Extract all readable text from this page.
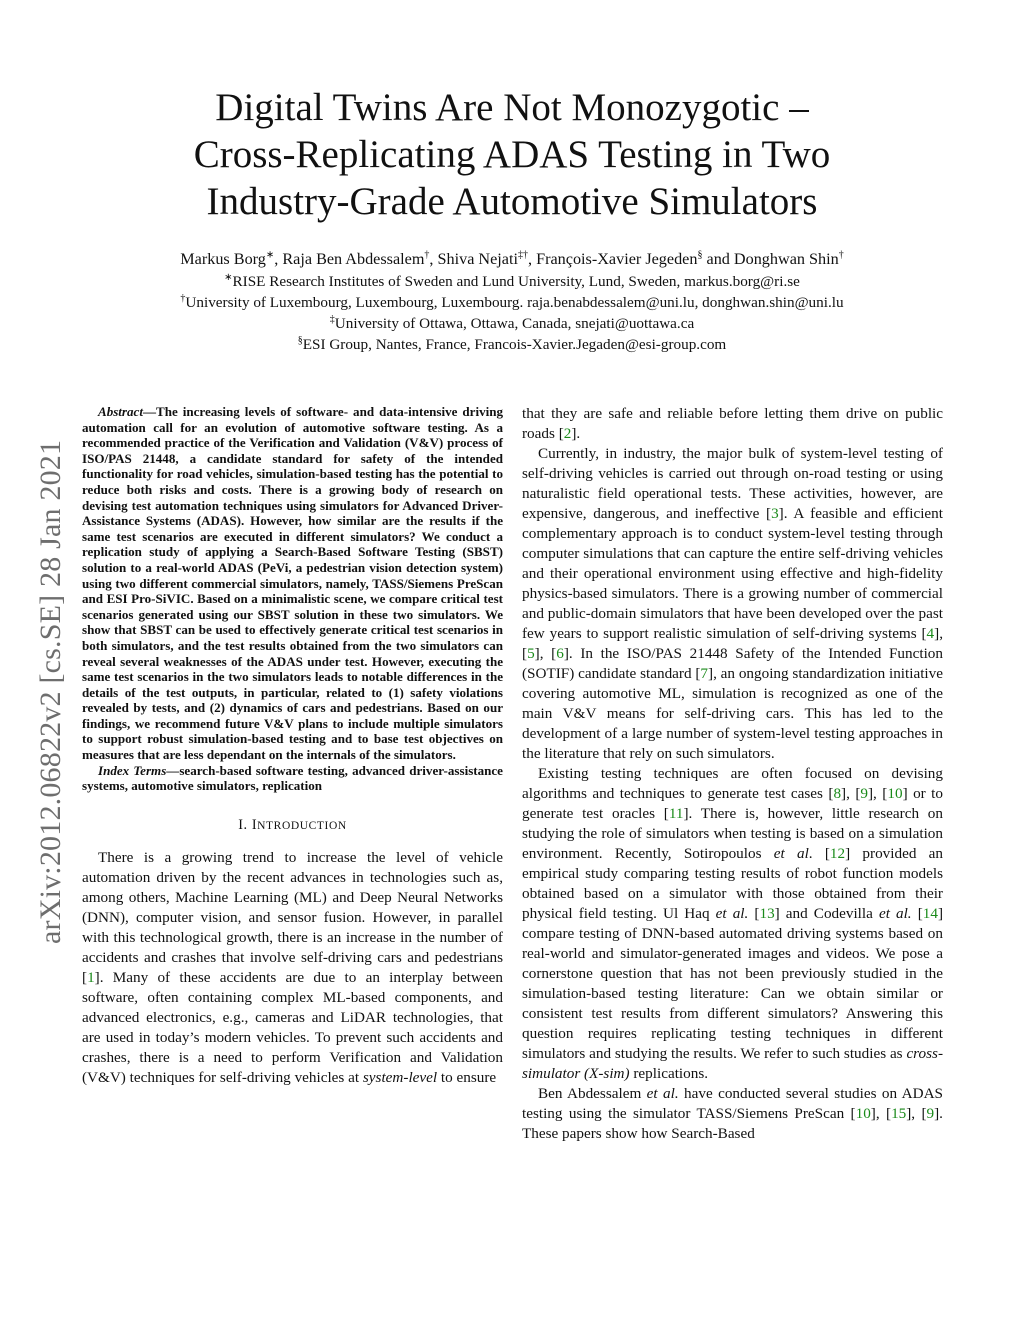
arXiv:2012.06822v2 [cs.SE] 28 Jan 2021
Digital Twins Are Not Monozygotic –
Cross-Replicating ADAS Testing in Two
Industry-Grade Automotive Simulators
Markus Borg∗, Raja Ben Abdessalem†, Shiva Nejati‡†, François-Xavier Jegeden§ and Donghwan Shin†
∗RISE Research Institutes of Sweden and Lund University, Lund, Sweden, markus.borg@ri.se
†University of Luxembourg, Luxembourg, Luxembourg. raja.benabdessalem@uni.lu, donghwan.shin@uni.lu
‡University of Ottawa, Ottawa, Canada, snejati@uottawa.ca
§ESI Group, Nantes, France, Francois-Xavier.Jegaden@esi-group.com

Abstract—The increasing levels of software- and data-intensive driving automation call for an evolution of automotive software testing. As a recommended practice of the Verification and Validation (V&V) process of ISO/PAS 21448, a candidate standard for safety of the intended functionality for road vehicles, simulation-based testing has the potential to reduce both risks and costs. There is a growing body of research on devising test automation techniques using simulators for Advanced Driver-Assistance Systems (ADAS). However, how similar are the results if the same test scenarios are executed in different simulators? We conduct a replication study of applying a Search-Based Software Testing (SBST) solution to a real-world ADAS (PeVi, a pedestrian vision detection system) using two different commercial simulators, namely, TASS/Siemens PreScan and ESI Pro-SiVIC. Based on a minimalistic scene, we compare critical test scenarios generated using our SBST solution in these two simulators. We show that SBST can be used to effectively generate critical test scenarios in both simulators, and the test results obtained from the two simulators can reveal several weaknesses of the ADAS under test. However, executing the same test scenarios in the two simulators leads to notable differences in the details of the test outputs, in particular, related to (1) safety violations revealed by tests, and (2) dynamics of cars and pedestrians. Based on our findings, we recommend future V&V plans to include multiple simulators to support robust simulation-based testing and to base test objectives on measures that are less dependant on the internals of the simulators.

Index Terms—search-based software testing, advanced driver-assistance systems, automotive simulators, replication

I. INTRODUCTION

There is a growing trend to increase the level of vehicle automation driven by the recent advances in technologies such as, among others, Machine Learning (ML) and Deep Neural Networks (DNN), computer vision, and sensor fusion. However, in parallel with this technological growth, there is an increase in the number of accidents and crashes that involve self-driving cars and pedestrians [1]. Many of these accidents are due to an interplay between software, often containing complex ML-based components, and advanced electronics, e.g., cameras and LiDAR technologies, that are used in today’s modern vehicles. To prevent such accidents and crashes, there is a need to perform Verification and Validation (V&V) techniques for self-driving vehicles at system-level to ensure

that they are safe and reliable before letting them drive on public roads [2].

Currently, in industry, the major bulk of system-level testing of self-driving vehicles is carried out through on-road testing or using naturalistic field operational tests. These activities, however, are expensive, dangerous, and ineffective [3]. A feasible and efficient complementary approach is to conduct system-level testing through computer simulations that can capture the entire self-driving vehicles and their operational environment using effective and high-fidelity physics-based simulators. There is a growing number of commercial and public-domain simulators that have been developed over the past few years to support realistic simulation of self-driving systems [4], [5], [6]. In the ISO/PAS 21448 Safety of the Intended Function (SOTIF) candidate standard [7], an ongoing standardization initiative covering automotive ML, simulation is recognized as one of the main V&V means for self-driving cars. This has led to the development of a large number of system-level testing approaches in the literature that rely on such simulators.

Existing testing techniques are often focused on devising algorithms and techniques to generate test cases [8], [9], [10] or to generate test oracles [11]. There is, however, little research on studying the role of simulators when testing is based on a simulation environment. Recently, Sotiropoulos et al. [12] provided an empirical study comparing testing results of robot function models obtained based on a simulator with those obtained from their physical field testing. Ul Haq et al. [13] and Codevilla et al. [14] compare testing of DNN-based automated driving systems based on real-world and simulator-generated images and videos. We pose a cornerstone question that has not been previously studied in the simulation-based testing literature: Can we obtain similar or consistent test results from different simulators? Answering this question requires replicating testing techniques in different simulators and studying the results. We refer to such studies as cross-simulator (X-sim) replications.

Ben Abdessalem et al. have conducted several studies on ADAS testing using the simulator TASS/Siemens PreScan [10], [15], [9]. These papers show how Search-Based
